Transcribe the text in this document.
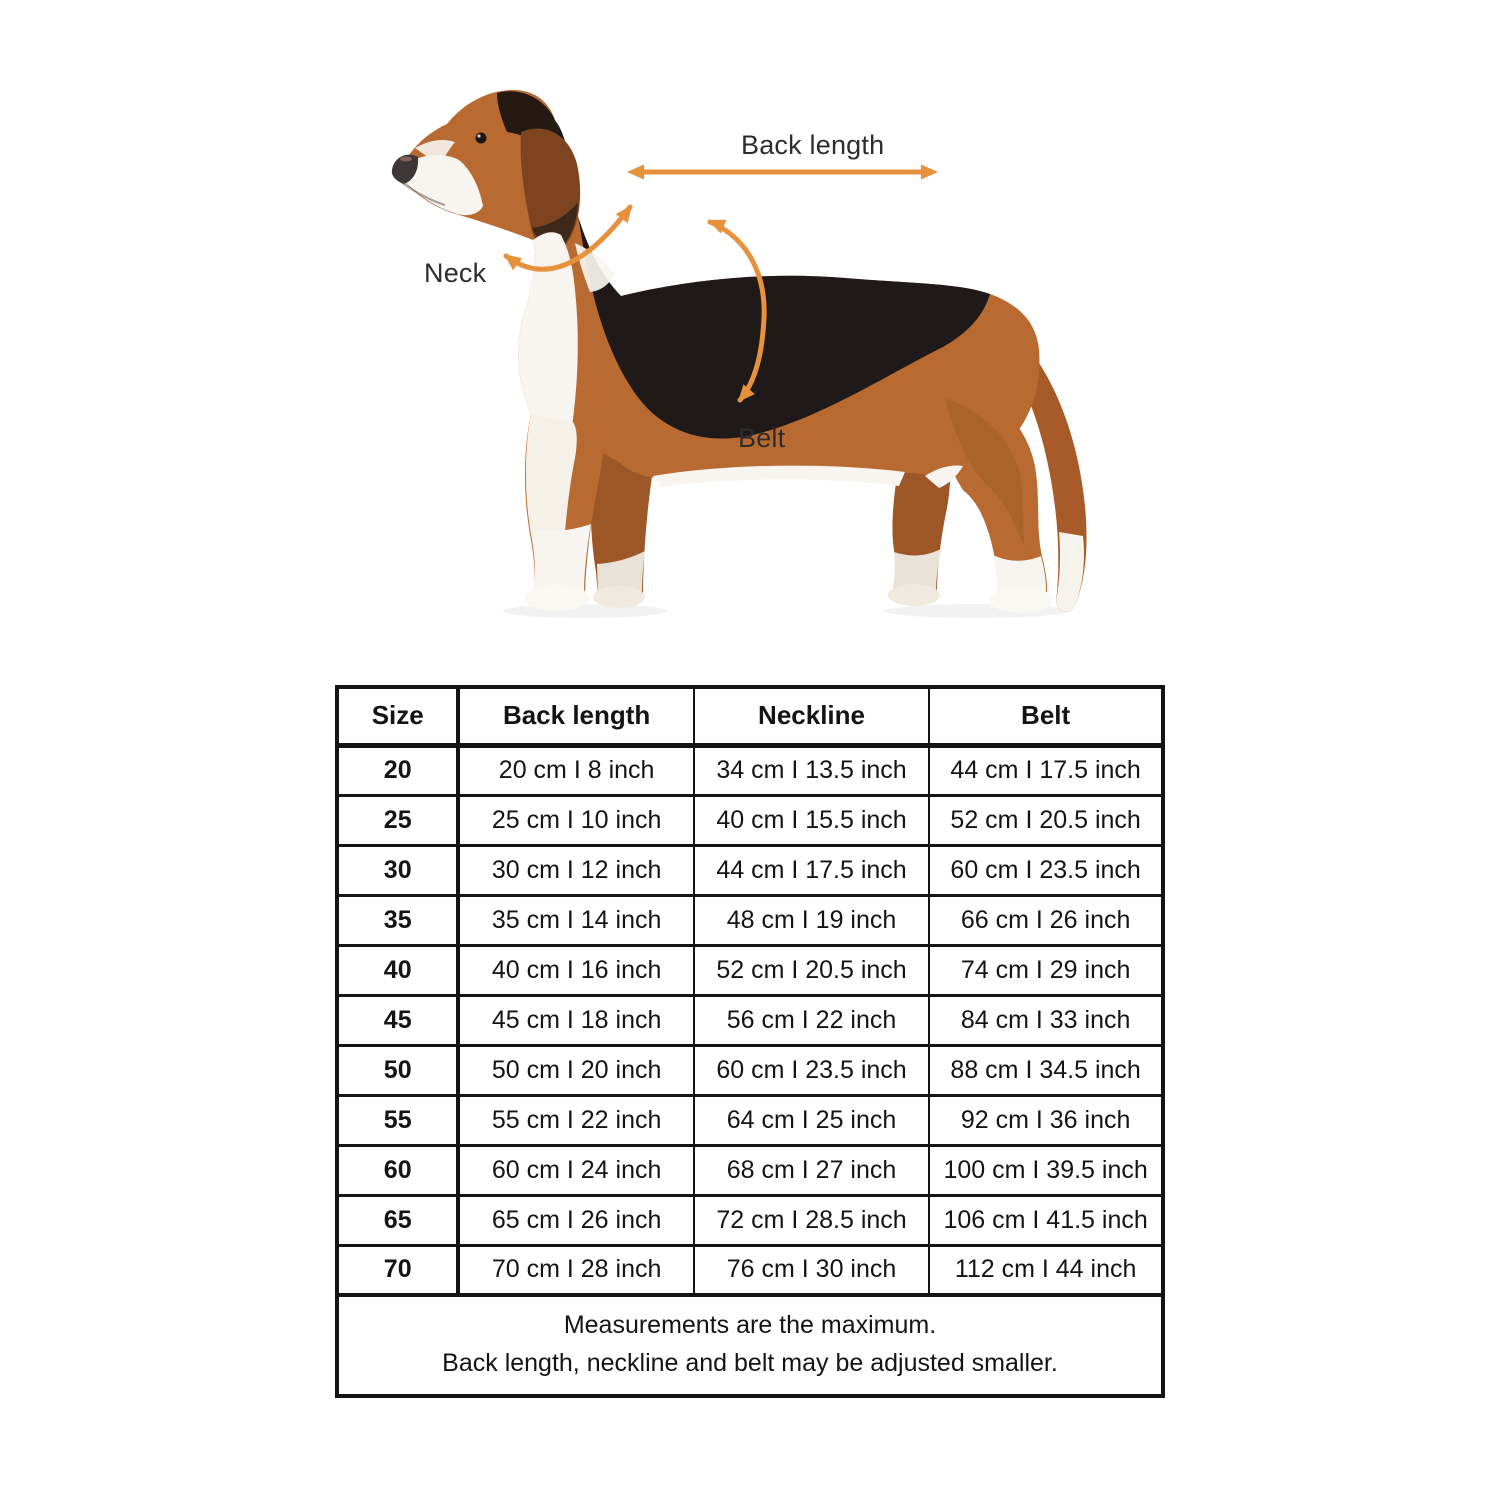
Back length
Neck
Belt
Size	Back length	Neckline	Belt
20	20 cm I 8 inch	34 cm I 13.5 inch	44 cm I 17.5 inch
25	25 cm I 10 inch	40 cm I 15.5 inch	52 cm I 20.5 inch
30	30 cm I 12 inch	44 cm I 17.5 inch	60 cm I 23.5 inch
35	35 cm I 14 inch	48 cm I 19 inch	66 cm I 26 inch
40	40 cm I 16 inch	52 cm I 20.5 inch	74 cm I 29 inch
45	45 cm I 18 inch	56 cm I 22 inch	84 cm I 33 inch
50	50 cm I 20 inch	60 cm I 23.5 inch	88 cm I 34.5 inch
55	55 cm I 22 inch	64 cm I 25 inch	92 cm I 36 inch
60	60 cm I 24 inch	68 cm I 27 inch	100 cm I 39.5 inch
65	65 cm I 26 inch	72 cm I 28.5 inch	106 cm I 41.5 inch
70	70 cm I 28 inch	76 cm I 30 inch	112 cm I 44 inch

Measurements are the maximum.
Back length, neckline and belt may be adjusted smaller.			
